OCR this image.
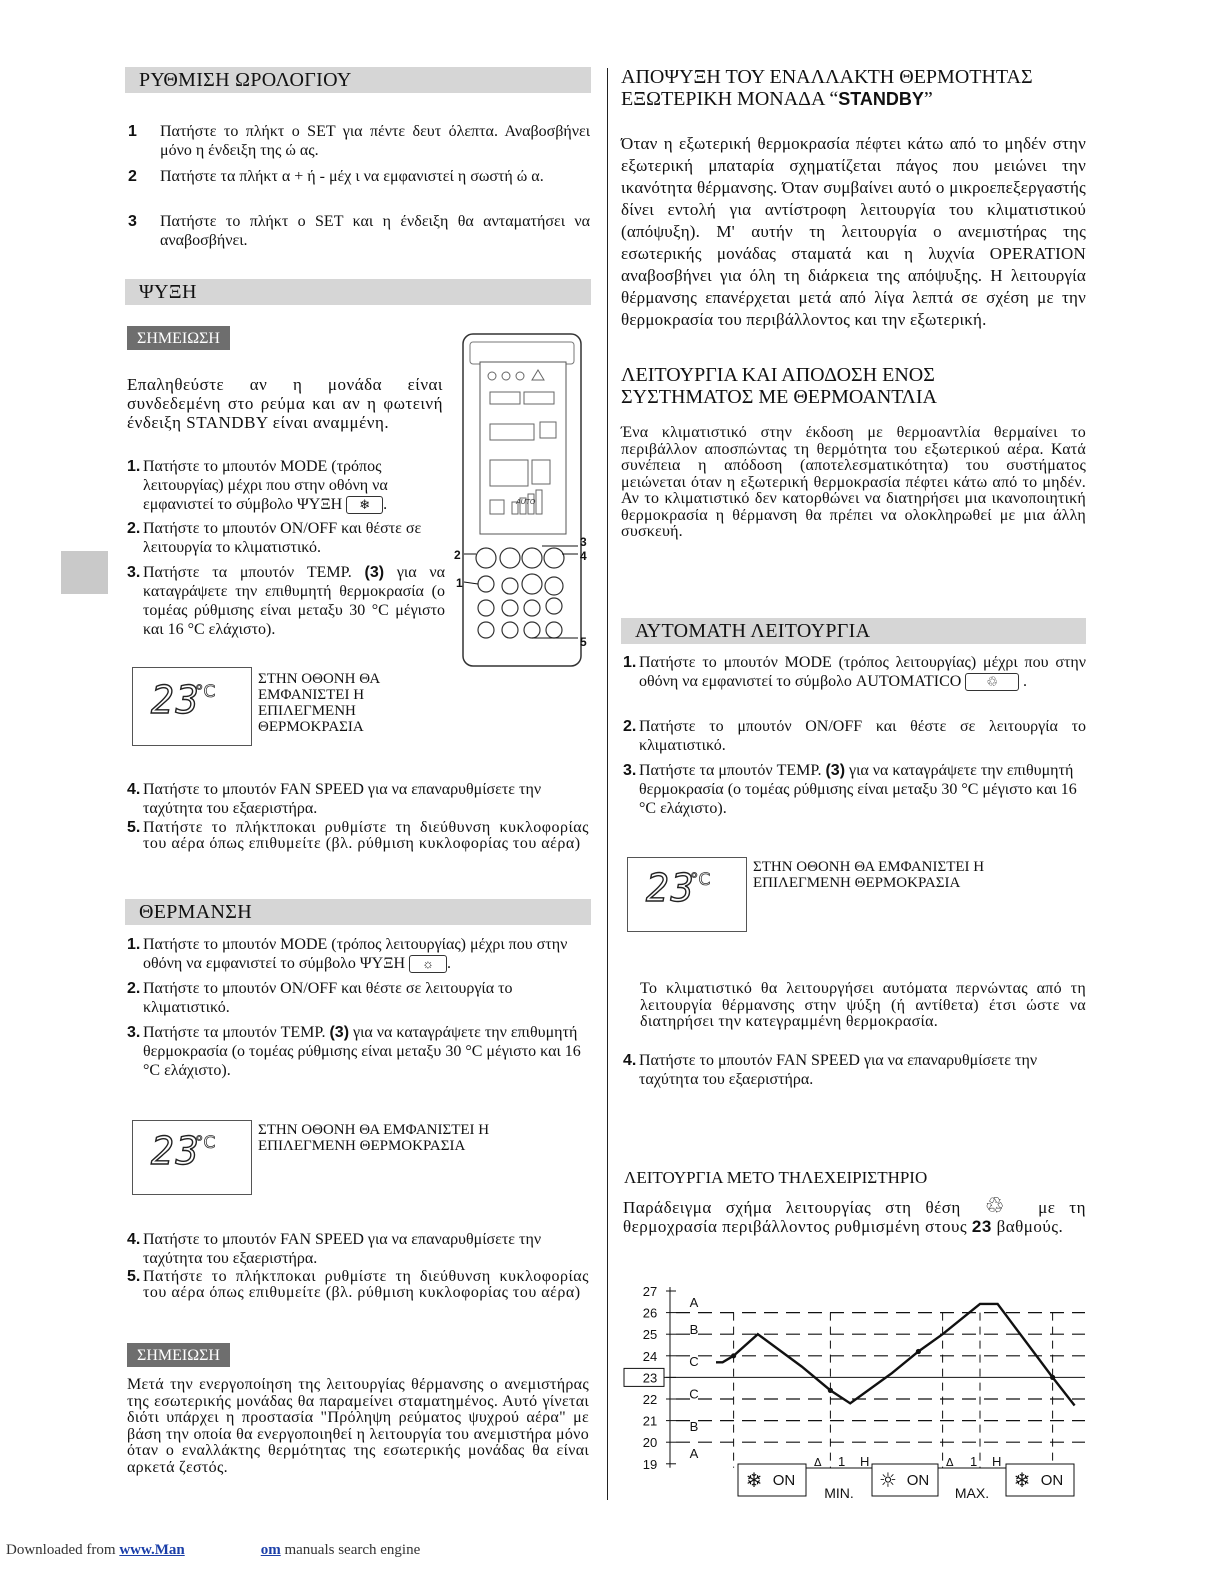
ΡΥΘΜΙΣΗ ΩΡΟΛΟΓΙΟΥ
1 Πατήστε το πλήκτ ο SET για πέντε δευτ όλεπτα. Αναβοσβήνει μόνο η ένδειξη της ώ ας.
2 Πατήστε τα πλήκτ α + ή - μέχ ι να εμφανιστεί η σωστή ώ α.
3 Πατήστε το πλήκτ ο SET και η ένδειξη θα ανταματήσει να αναβοσβήνει.
ΨΥΞΗ
ΣΗΜΕΙΩΣΗ
Επαληθεύστε αν η μονάδα είναι συνδεδεμένη στο ρεύμα και αν η φωτεινή ένδειξη STANDBY είναι αναμμένη.
1. Πατήστε το μπουτόν MODE (τρόπος λειτουργίας) μέχρι που στην οθόνη να εμφανιστεί το σύμβολο ΨΥΞΗ ❄ .
2. Πατήστε το μπουτόν ON/OFF και θέστε σε λειτουργία το κλιματιστικό.
3. Πατήστε τα μπουτόν TEMP. (3) για να καταγράψετε την επιθυμητή θερμοκρασία (ο τομέας ρύθμισης είναι μεταξυ 30 °C μέγιστο και 16 °C ελάχιστο).
AUTO
2
1
3
4
5
23
°C
ΣΤΗΝ ΟΘΟΝΗ ΘΑ ΕΜΦΑΝΙΣΤΕΙ Η ΕΠΙΛΕΓΜΕΝΗ ΘΕΡΜΟΚΡΑΣΙΑ
4. Πατήστε το μπουτόν FAN SPEED για να επαναρυθμίσετε την ταχύτητα του εξαεριστήρα.
5. Πατήστε το πλήκτποκαι ρυθμίστε τη διεύθυνση κυκλοφορίας του αέρα όπως επιθυμείτε (βλ. ρύθμιση κυκλοφορίας του αέρα)
ΘΕΡΜΑΝΣΗ
1. Πατήστε το μπουτόν MODE (τρόπος λειτουργίας) μέχρι που στην οθόνη να εμφανιστεί το σύμβολο ΨΥΞΗ ☼ .
2. Πατήστε το μπουτόν ON/OFF και θέστε σε λειτουργία το κλιματιστικό.
3. Πατήστε τα μπουτόν TEMP. (3) για να καταγράψετε την επιθυμητή θερμοκρασία (ο τομέας ρύθμισης είναι μεταξυ 30 °C μέγιστο και 16 °C ελάχιστο).
23
°C
ΣΤΗΝ ΟΘΟΝΗ ΘΑ ΕΜΦΑΝΙΣΤΕΙ Η ΕΠΙΛΕΓΜΕΝΗ ΘΕΡΜΟΚΡΑΣΙΑ
4. Πατήστε το μπουτόν FAN SPEED για να επαναρυθμίσετε την ταχύτητα του εξαεριστήρα.
5. Πατήστε το πλήκτποκαι ρυθμίστε τη διεύθυνση κυκλοφορίας του αέρα όπως επιθυμείτε (βλ. ρύθμιση κυκλοφορίας του αέρα)
ΣΗΜΕΙΩΣΗ
Μετά την ενεργοποίηση της λειτουργίας θέρμανσης ο ανεμιστήρας της εσωτερικής μονάδας θα παραμείνει σταματημένος. Αυτό γίνεται διότι υπάρχει η προστασία "Πρόληψη ρεύματος ψυχρού αέρα" με βάση την οποία θα ενεργοποιηθεί η λειτουργία του ανεμιστήρα μόνο όταν ο εναλλάκτης θερμότητας της εσωτερικής μονάδας θα είναι αρκετά ζεστός.
ΑΠΟΨΥΞΗ ΤΟΥ ΕΝΑΛΛΑΚΤΗ ΘΕΡΜΟΤΗΤΑΣ
ΕΞΩΤΕΡΙΚΗ ΜΟΝΑΔΑ “STANDBY”
Όταν η εξωτερική θερμοκρασία πέφτει κάτω από το μηδέν στην εξωτερική μπαταρία σχηματίζεται πάγος που μειώνει την ικανότητα θέρμανσης. Όταν συμβαίνει αυτό ο μικροεπεξεργαστής δίνει εντολή για αντίστροφη λειτουργία του κλιματιστικού (απόψυξη). Μ' αυτήν τη λειτουργία ο ανεμιστήρας της εσωτερικής μονάδας σταματά και η λυχνία OPERATION αναβοσβήνει για όλη τη διάρκεια της απόψυξης. Η λειτουργία θέρμανσης επανέρχεται μετά από λίγα λεπτά σε σχέση με την θερμοκρασία του περιβάλλοντος και την εξωτερική.
ΛΕΙΤΟΥΡΓΙΑ ΚΑΙ ΑΠΟΔΟΣΗ ΕΝΟΣ
ΣΥΣΤΗΜΑΤΟΣ ΜΕ ΘΕΡΜΟΑΝΤΛΙΑ
Ένα κλιματιστικό στην έκδοση με θερμοαντλία θερμαίνει το περιβάλλον αποσπώντας τη θερμότητα του εξωτερικού αέρα. Κατά συνέπεια η απόδοση (αποτελεσματικότητα) του συστήματος μειώνεται όταν η εξωτερική θερμοκρασία πέφτει κάτω από το μηδέν. Αν το κλιματιστικό δεν κατορθώνει να διατηρήσει μια ικανοποιητική θερμοκρασία η θέρμανση θα πρέπει να ολοκληρωθεί με μια άλλη συσκευή.
ΑΥΤΟΜΑΤΗ ΛΕΙΤΟΥΡΓΙΑ
1. Πατήστε το μπουτόν MODE (τρόπος λειτουργίας) μέχρι που στην οθόνη να εμφανιστεί το σύμβολο AUTOMATICO ♲ .
2. Πατήστε το μπουτόν ON/OFF και θέστε σε λειτουργία το κλιματιστικό.
3. Πατήστε τα μπουτόν TEMP. (3) για να καταγράψετε την επιθυμητή θερμοκρασία (ο τομέας ρύθμισης είναι μεταξυ 30 °C μέγιστο και 16 °C ελάχιστο).
23
°C
ΣΤΗΝ ΟΘΟΝΗ ΘΑ ΕΜΦΑΝΙΣΤΕΙ Η ΕΠΙΛΕΓΜΕΝΗ ΘΕΡΜΟΚΡΑΣΙΑ
Το κλιματιστικό θα λειτουργήσει αυτόματα περνώντας από τη λειτουργία θέρμανσης στην ψύξη (ή αντίθετα) έτσι ώστε να διατηρήσει την κατεγραμμένη θερμοκρασία.
4. Πατήστε το μπουτόν FAN SPEED για να επαναρυθμίσετε την ταχύτητα του εξαεριστήρα.
ΛΕΙΤΟΥΡΓΙΑ ΜΕΤΟ ΤΗΛΕΧΕΙΡΙΣΤΗΡΙΟ
Παράδειγμα σχήμα λειτουργίας στη θέση ♲ με τη θερμοχρασία περιβάλλοντος ρυθμισμένη στους 23 βαθμούς.
27
26
25
24
23
22
21
20
19
A
B
C
C
B
A
❄ ON	☼ ON	❄ ON
Δ 1 H
MIN.
Δ 1 H
MAX.
Downloaded from www.Man	om manuals search engine
